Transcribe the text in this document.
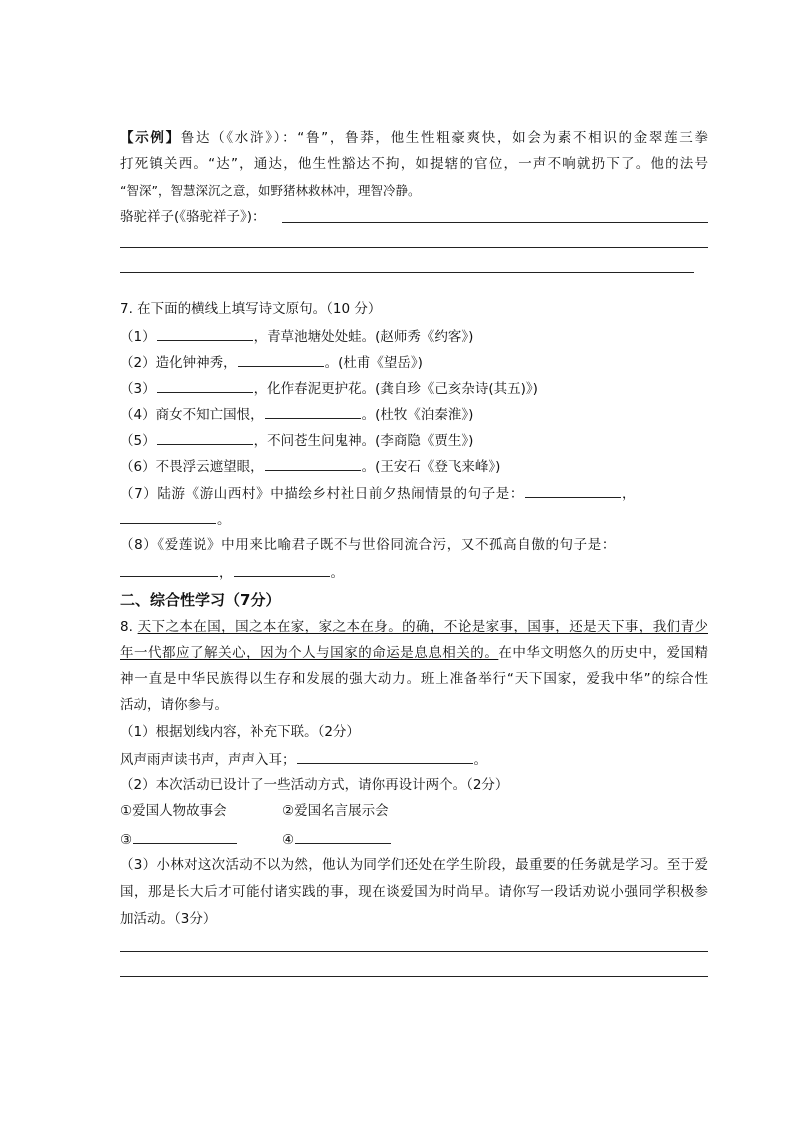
【示例】鲁达（《水浒》）：“鲁”，鲁莽，他生性粗豪爽快，如会为素不相识的金翠莲三拳
打死镇关西。“达”，通达，他生性豁达不拘，如提辖的官位，一声不响就扔下了。他的法号
“智深”，智慧深沉之意，如野猪林救林冲，理智冷静。
骆驼祥子(《骆驼祥子》)：
7. 在下面的横线上填写诗文原句。（10 分）
（1）	，青草池塘处处蛙。(赵师秀《约客》)
（2）造化钟神秀，	。(杜甫《望岳》)
（3）	，化作春泥更护花。(龚自珍《己亥杂诗(其五)》)
（4）商女不知亡国恨，	。(杜牧《泊秦淮》)
（5）	，不问苍生问鬼神。(李商隐《贾生》)
（6）不畏浮云遮望眼，	。(王安石《登飞来峰》)
（7）陆游《游山西村》中描绘乡村社日前夕热闹情景的句子是：	，
。
（8）《爱莲说》中用来比喻君子既不与世俗同流合污，又不孤高自傲的句子是：
，	。
二、综合性学习（7分）
8. 天下之本在国，国之本在家，家之本在身。的确，不论是家事，国事，还是天下事，我们青少
年一代都应了解关心，因为个人与国家的命运是息息相关的。在中华文明悠久的历史中，爱国精
神一直是中华民族得以生存和发展的强大动力。班上准备举行“天下国家，爱我中华”的综合性
活动，请你参与。
（1）根据划线内容，补充下联。（2分）
风声雨声读书声，声声入耳；	。
（2）本次活动已设计了一些活动方式，请你再设计两个。（2分）
①爱国人物故事会	②爱国名言展示会
③	④
（3）小林对这次活动不以为然，他认为同学们还处在学生阶段，最重要的任务就是学习。至于爱
国，那是长大后才可能付诸实践的事，现在谈爱国为时尚早。请你写一段话劝说小强同学积极参
加活动。（3分）
